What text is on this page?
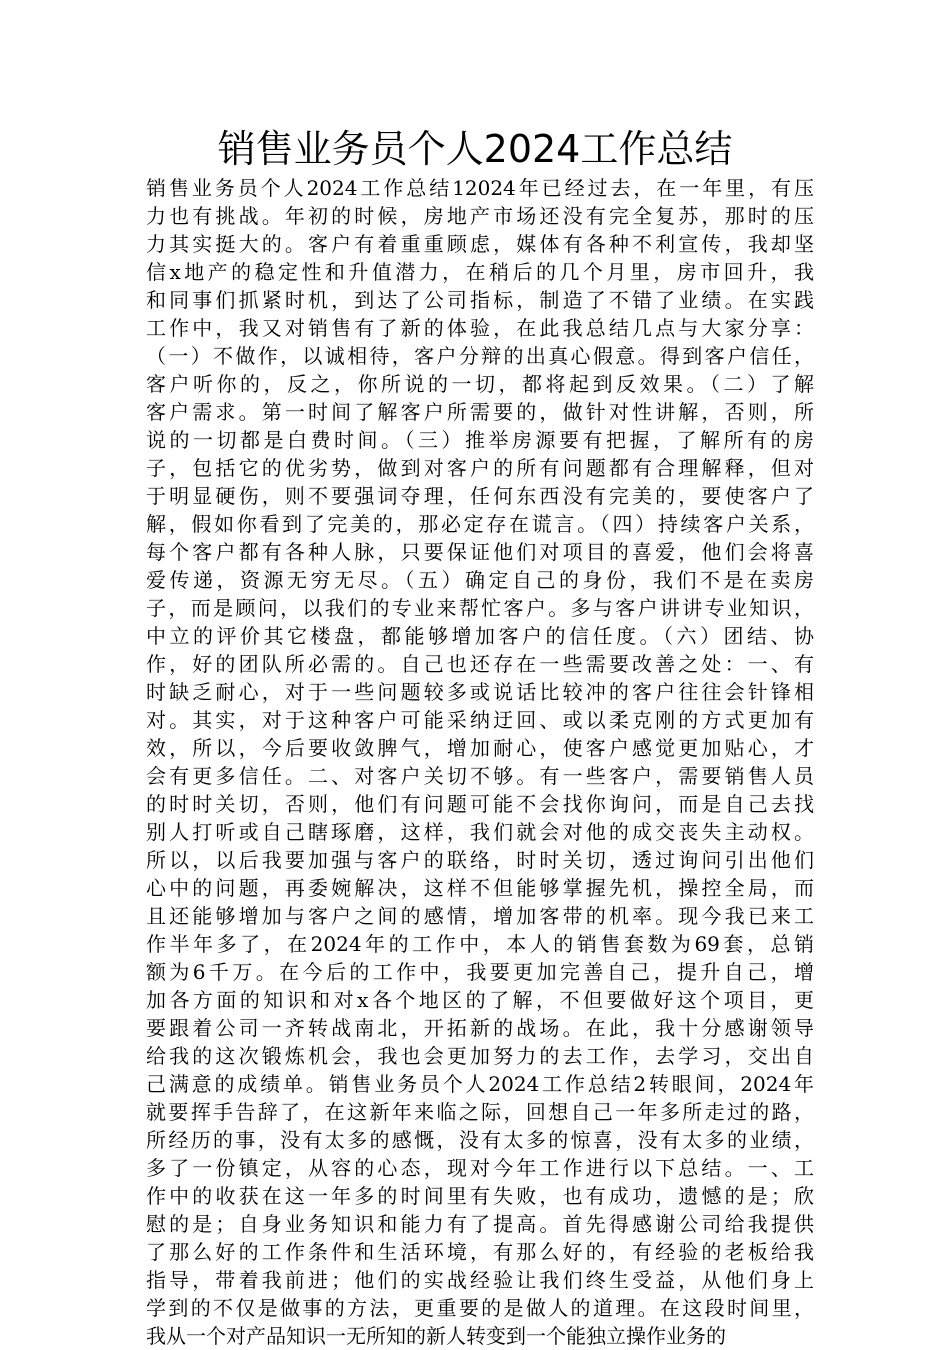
销售业务员个人2024工作总结
销售业务员个人2024工作总结12024年已经过去，在一年里，有压
力也有挑战。年初的时候，房地产市场还没有完全复苏，那时的压
力其实挺大的。客户有着重重顾虑，媒体有各种不利宣传，我却坚
信x地产的稳定性和升值潜力，在稍后的几个月里，房市回升，我
和同事们抓紧时机，到达了公司指标，制造了不错了业绩。在实践
工作中，我又对销售有了新的体验，在此我总结几点与大家分享：
（一）不做作，以诚相待，客户分辩的出真心假意。得到客户信任，
客户听你的，反之，你所说的一切，都将起到反效果。（二）了解
客户需求。第一时间了解客户所需要的，做针对性讲解，否则，所
说的一切都是白费时间。（三）推举房源要有把握，了解所有的房
子，包括它的优劣势，做到对客户的所有问题都有合理解释，但对
于明显硬伤，则不要强词夺理，任何东西没有完美的，要使客户了
解，假如你看到了完美的，那必定存在谎言。（四）持续客户关系，
每个客户都有各种人脉，只要保证他们对项目的喜爱，他们会将喜
爱传递，资源无穷无尽。（五）确定自己的身份，我们不是在卖房
子，而是顾问，以我们的专业来帮忙客户。多与客户讲讲专业知识，
中立的评价其它楼盘，都能够增加客户的信任度。（六）团结、协
作，好的团队所必需的。自己也还存在一些需要改善之处：一、有
时缺乏耐心，对于一些问题较多或说话比较冲的客户往往会针锋相
对。其实，对于这种客户可能采纳迂回、或以柔克刚的方式更加有
效，所以，今后要收敛脾气，增加耐心，使客户感觉更加贴心，才
会有更多信任。二、对客户关切不够。有一些客户，需要销售人员
的时时关切，否则，他们有问题可能不会找你询问，而是自己去找
别人打听或自己瞎琢磨，这样，我们就会对他的成交丧失主动权。
所以，以后我要加强与客户的联络，时时关切，透过询问引出他们
心中的问题，再委婉解决，这样不但能够掌握先机，操控全局，而
且还能够增加与客户之间的感情，增加客带的机率。现今我已来工
作半年多了，在2024年的工作中，本人的销售套数为69套，总销
额为6千万。在今后的工作中，我要更加完善自己，提升自己，增
加各方面的知识和对x各个地区的了解，不但要做好这个项目，更
要跟着公司一齐转战南北，开拓新的战场。在此，我十分感谢领导
给我的这次锻炼机会，我也会更加努力的去工作，去学习，交出自
己满意的成绩单。销售业务员个人2024工作总结2转眼间，2024年
就要挥手告辞了，在这新年来临之际，回想自己一年多所走过的路，
所经历的事，没有太多的感慨，没有太多的惊喜，没有太多的业绩，
多了一份镇定，从容的心态，现对今年工作进行以下总结。一、工
作中的收获在这一年多的时间里有失败，也有成功，遗憾的是；欣
慰的是；自身业务知识和能力有了提高。首先得感谢公司给我提供
了那么好的工作条件和生活环境，有那么好的，有经验的老板给我
指导，带着我前进；他们的实战经验让我们终生受益，从他们身上
学到的不仅是做事的方法，更重要的是做人的道理。在这段时间里，
我从一个对产品知识一无所知的新人转变到一个能独立操作业务的
